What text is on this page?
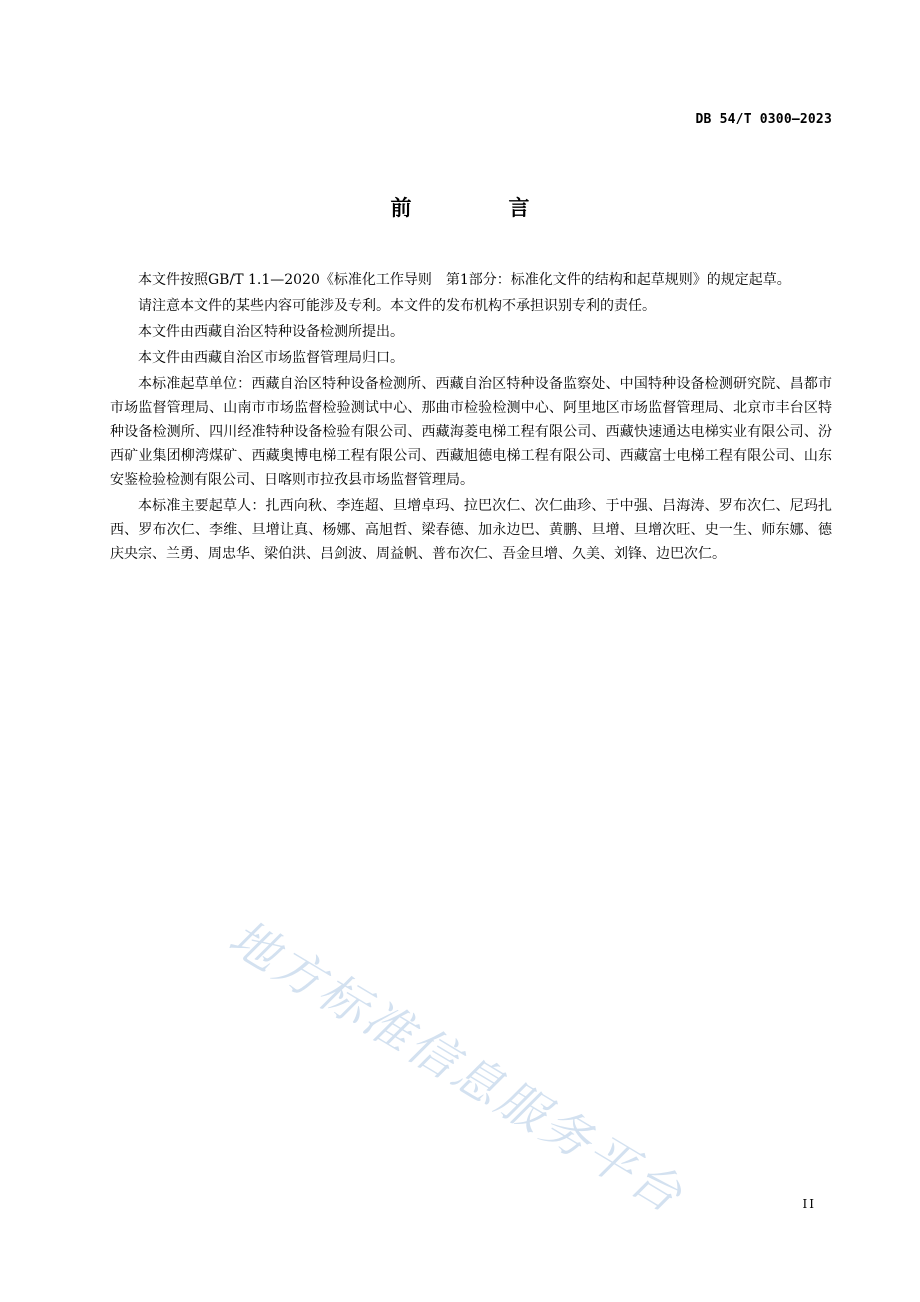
DB 54/T 0300—2023
前　言

本文件按照GB/T 1.1—2020《标准化工作导则　第1部分：标准化文件的结构和起草规则》的规定起草。

请注意本文件的某些内容可能涉及专利。本文件的发布机构不承担识别专利的责任。

本文件由西藏自治区特种设备检测所提出。

本文件由西藏自治区市场监督管理局归口。

本标准起草单位：西藏自治区特种设备检测所、西藏自治区特种设备监察处、中国特种设备检测研究院、昌都市市场监督管理局、山南市市场监督检验测试中心、那曲市检验检测中心、阿里地区市场监督管理局、北京市丰台区特种设备检测所、四川经准特种设备检验有限公司、西藏海菱电梯工程有限公司、西藏快速通达电梯实业有限公司、汾西矿业集团柳湾煤矿、西藏奥博电梯工程有限公司、西藏旭德电梯工程有限公司、西藏富士电梯工程有限公司、山东安鉴检验检测有限公司、日喀则市拉孜县市场监督管理局。

本标准主要起草人：扎西向秋、李连超、旦增卓玛、拉巴次仁、次仁曲珍、于中强、吕海涛、罗布次仁、尼玛扎西、罗布次仁、李维、旦增让真、杨娜、高旭哲、梁春德、加永边巴、黄鹏、旦增、旦增次旺、史一生、师东娜、德庆央宗、兰勇、周忠华、梁伯洪、吕剑波、周益帆、普布次仁、吾金旦增、久美、刘锋、边巴次仁。

地方标准信息服务平台	II
